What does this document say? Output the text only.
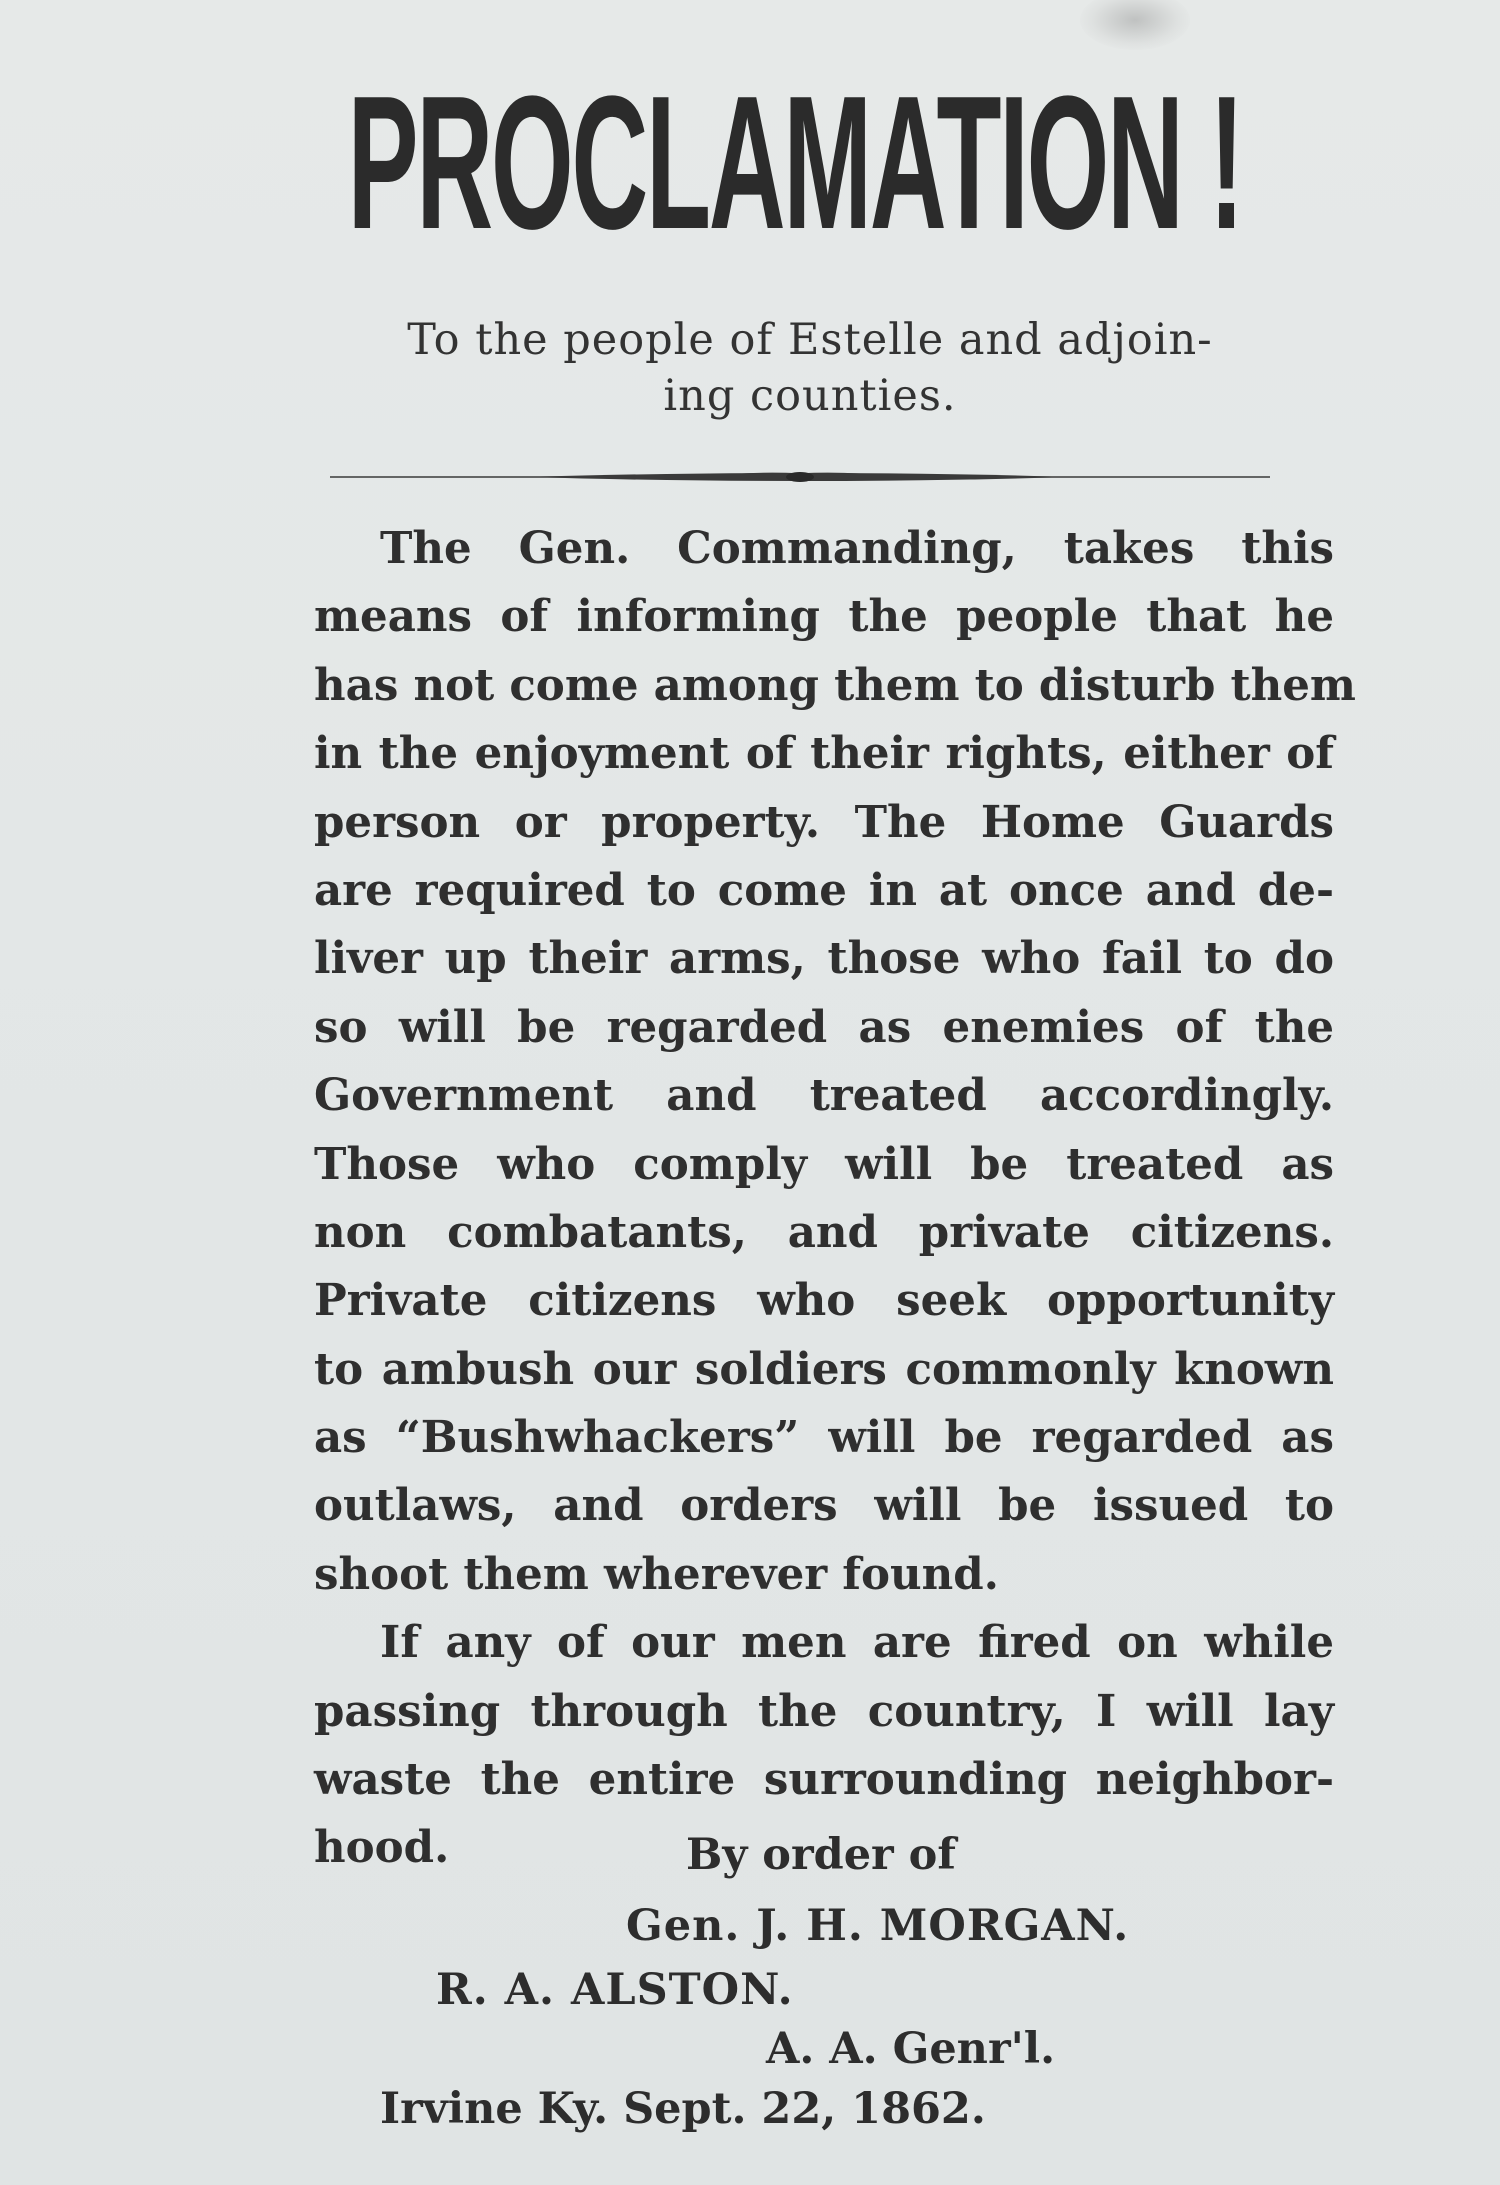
PROCLAMATION !
To the people of Estelle and adjoin-
ing counties.
The Gen. Commanding, takes this
means of informing the people that he
has not come among them to disturb them
in the enjoyment of their rights, either of
person or property. The Home Guards
are required to come in at once and de-
liver up their arms, those who fail to do
so will be regarded as enemies of the
Government and treated accordingly.
Those who comply will be treated as
non combatants, and private citizens.
Private citizens who seek opportunity
to ambush our soldiers commonly known
as “Bushwhackers” will be regarded as
outlaws, and orders will be issued to
shoot them wherever found.
If any of our men are fired on while
passing through the country, I will lay
waste the entire surrounding neighbor-
hood.	By order of
Gen. J. H. MORGAN.
R. A. ALSTON.
A. A. Genr'l.
Irvine Ky. Sept. 22, 1862.
